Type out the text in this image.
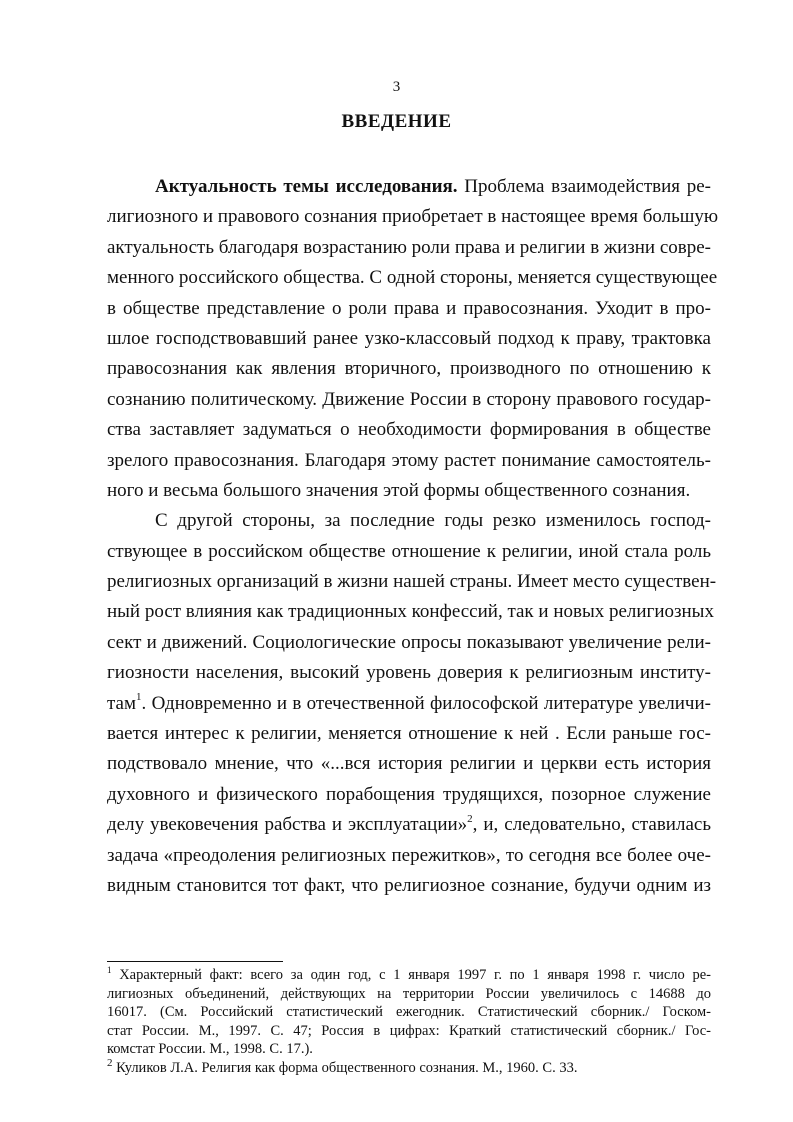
3
ВВЕДЕНИЕ
Актуальность темы исследования. Проблема взаимодействия ре-
лигиозного и правового сознания приобретает в настоящее время большую
актуальность благодаря возрастанию роли права и религии в жизни совре-
менного российского общества. С одной стороны, меняется существующее
в обществе представление о роли права и правосознания. Уходит в про-
шлое господствовавший ранее узко-классовый подход к праву, трактовка
правосознания как явления вторичного, производного по отношению к
сознанию политическому. Движение России в сторону правового государ-
ства заставляет задуматься о необходимости формирования в обществе
зрелого правосознания. Благодаря этому растет понимание самостоятель-
ного и весьма большого значения этой формы общественного сознания.
С другой стороны, за последние годы резко изменилось господ-
ствующее в российском обществе отношение к религии, иной стала роль
религиозных организаций в жизни нашей страны. Имеет место существен-
ный рост влияния как традиционных конфессий, так и новых религиозных
сект и движений. Социологические опросы показывают увеличение рели-
гиозности населения, высокий уровень доверия к религиозным институ-
там$^1$. Одновременно и в отечественной философской литературе увеличи-
вается интерес к религии, меняется отношение к ней . Если раньше гос-
подствовало мнение, что «...вся история религии и церкви есть история
духовного и физического порабощения трудящихся, позорное служение
делу увековечения рабства и эксплуатации»$^2$, и, следовательно, ставилась
задача «преодоления религиозных пережитков», то сегодня все более оче-
видным становится тот факт, что религиозное сознание, будучи одним из
$^1$ Характерный факт: всего за один год, с 1 января 1997 г. по 1 января 1998 г. число ре-
лигиозных объединений, действующих на территории России увеличилось с 14688 до
16017. (См. Российский статистический ежегодник. Статистический сборник./ Госком-
стат России. М., 1997. С. 47; Россия в цифрах: Краткий статистический сборник./ Гос-
комстат России. М., 1998. С. 17.).
$^2$ Куликов Л.А. Религия как форма общественного сознания. М., 1960. С. 33.
